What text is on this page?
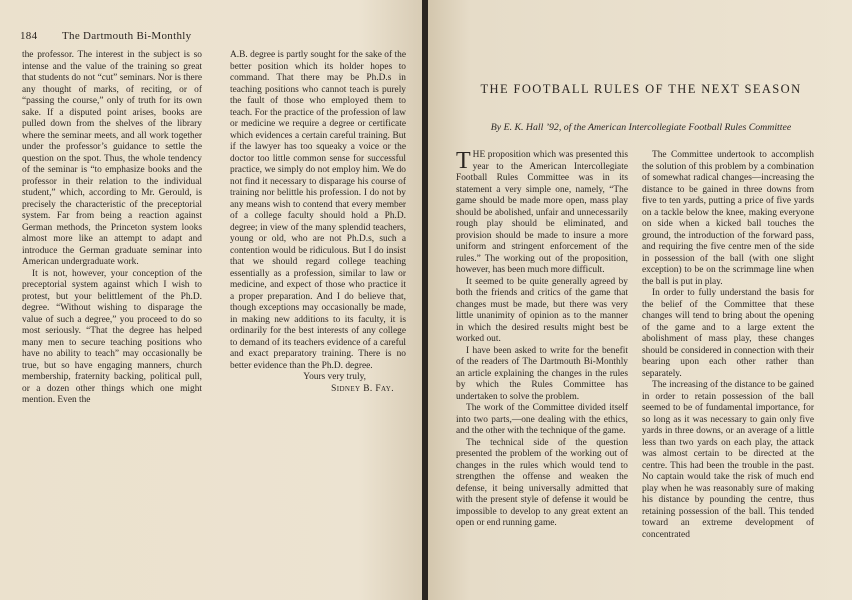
184 The Dartmouth Bi-Monthly

the professor. The interest in the subject is so intense and the value of the training so great that students do not “cut” seminars. Nor is there any thought of marks, of reciting, or of “passing the course,” only of truth for its own sake. If a disputed point arises, books are pulled down from the shelves of the library where the seminar meets, and all work together under the professor’s guidance to settle the question on the spot. Thus, the whole tendency of the seminar is “to emphasize books and the professor in their relation to the individual student,” which, according to Mr. Gerould, is precisely the characteristic of the preceptorial system. Far from being a reaction against German methods, the Princeton system looks almost more like an attempt to adapt and introduce the German graduate seminar into American undergraduate work.

It is not, however, your conception of the preceptorial system against which I wish to protest, but your belittlement of the Ph.D. degree. “Without wishing to disparage the value of such a degree,” you proceed to do so most seriously. “That the degree has helped many men to secure teaching positions who have no ability to teach” may occasionally be true, but so have engaging manners, church membership, fraternity backing, political pull, or a dozen other things which one might mention. Even the

A.B. degree is partly sought for the sake of the better position which its holder hopes to command. That there may be Ph.D.s in teaching positions who cannot teach is purely the fault of those who employed them to teach. For the practice of the profession of law or medicine we require a degree or certificate which evidences a certain careful training. But if the lawyer has too squeaky a voice or the doctor too little common sense for successful practice, we simply do not employ him. We do not find it necessary to disparage his course of training nor belittle his profession. I do not by any means wish to contend that every member of a college faculty should hold a Ph.D. degree; in view of the many splendid teachers, young or old, who are not Ph.D.s, such a contention would be ridiculous. But I do insist that we should regard college teaching essentially as a profession, similar to law or medicine, and expect of those who practice it a proper preparation. And I do believe that, though exceptions may occasionally be made, in making new additions to its faculty, it is ordinarily for the best interests of any college to demand of its teachers evidence of a careful and exact preparatory training. There is no better evidence than the Ph.D. degree.

Yours very truly,

Sidney B. Fay.

THE FOOTBALL RULES OF THE NEXT SEASON
By E. K. Hall ’92, of the American Intercollegiate Football Rules Committee

THE proposition which was presented this year to the American Intercollegiate Football Rules Committee was in its statement a very simple one, namely, “The game should be made more open, mass play should be abolished, unfair and unnecessarily rough play should be eliminated, and provision should be made to insure a more uniform and stringent enforcement of the rules.” The working out of the proposition, however, has been much more difficult.

It seemed to be quite generally agreed by both the friends and critics of the game that changes must be made, but there was very little unanimity of opinion as to the manner in which the desired results might best be worked out.

I have been asked to write for the benefit of the readers of The Dartmouth Bi-Monthly an article explaining the changes in the rules by which the Rules Committee has undertaken to solve the problem.

The work of the Committee divided itself into two parts,—one dealing with the ethics, and the other with the technique of the game.

The technical side of the question presented the problem of the working out of changes in the rules which would tend to strengthen the offense and weaken the defense, it being universally admitted that with the present style of defense it would be impossible to develop to any great extent an open or end running game.

The Committee undertook to accomplish the solution of this problem by a combination of somewhat radical changes—increasing the distance to be gained in three downs from five to ten yards, putting a price of five yards on a tackle below the knee, making everyone on side when a kicked ball touches the ground, the introduction of the forward pass, and requiring the five centre men of the side in possession of the ball (with one slight exception) to be on the scrimmage line when the ball is put in play.

In order to fully understand the basis for the belief of the Committee that these changes will tend to bring about the opening of the game and to a large extent the abolishment of mass play, these changes should be considered in connection with their bearing upon each other rather than separately.

The increasing of the distance to be gained in order to retain possession of the ball seemed to be of fundamental importance, for so long as it was necessary to gain only five yards in three downs, or an average of a little less than two yards on each play, the attack was almost certain to be directed at the centre. This had been the trouble in the past. No captain would take the risk of much end play when he was reasonably sure of making his distance by pounding the centre, thus retaining possession of the ball. This tended toward an extreme development of concentrated
